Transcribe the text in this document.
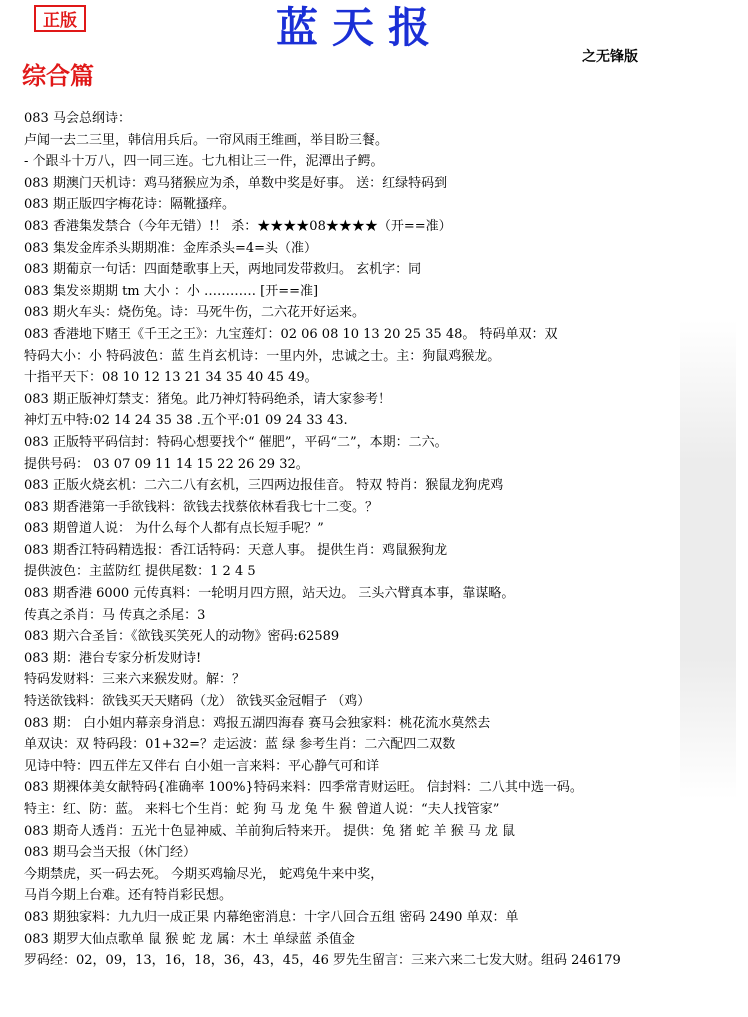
正版	蓝天报
之无锋版
综合篇
083 马会总纲诗：
卢闻一去二三里，韩信用兵后。一帘风雨王维画，举目盼三餐。
- 个跟斗十万八，四一同三连。七九相让三一件，泥潭出子鳄。
083 期澳门天机诗：鸡马猪猴应为杀，单数中奖是好事。 送：红绿特码到
083 期正版四字梅花诗：隔靴搔痒。
083 香港集发禁合（今年无错）!！ 杀：★★★★08★★★★（开==准）
083 集发金库杀头期期准：金库杀头=4=头（准）
083 期葡京一句话：四面楚歌事上天，两地同发带救归。 玄机字：同
083 集发※期期 tm 大小 ：小 ………… [开==准]
083 期火车头：烧伤兔。诗：马死牛伤，二六花开好运来。
083 香港地下赌王《千王之王》：九宝莲灯：02 06 08 10 13 20 25 35 48。 特码单双：双
特码大小：小 特码波色：蓝 生肖玄机诗：一里内外，忠诚之士。主：狗鼠鸡猴龙。
十指平天下：08 10 12 13 21 34 35 40 45 49。
083 期正版神灯禁支：猪兔。此乃神灯特码绝杀，请大家参考！
神灯五中特:02 14 24 35 38 .五个平:01 09 24 33 43.
083 正版特平码信封：特码心想要找个“ 催肥”，平码“二”，本期：二六。
提供号码： 03 07 09 11 14 15 22 26 29 32。
083 正版火烧玄机：二六二八有玄机，三四两边报佳音。 特双 特肖：猴鼠龙狗虎鸡
083 期香港第一手欲钱料：欲钱去找蔡依林看我七十二变。？
083 期曾道人说： 为什么每个人都有点长短手呢？”
083 期香江特码精选报：香江话特码：天意人事。 提供生肖：鸡鼠猴狗龙
提供波色：主蓝防红 提供尾数：1 2 4 5
083 期香港 6000 元传真料：一轮明月四方照，站天边。 三头六臂真本事，靠谋略。
传真之杀肖：马 传真之杀尾：3
083 期六合圣旨：《欲钱买笑死人的动物》密码:62589
083 期：港台专家分析发财诗!
特码发财料：三来六来猴发财。解：？
特送欲钱料：欲钱买天天赌码（龙） 欲钱买金冠帽子 （鸡）
083 期： 白小姐内幕亲身消息：鸡报五湖四海春 赛马会独家料：桃花流水莫然去
单双诀：双 特码段：01+32=？走运波：蓝 绿 参考生肖：二六配四二双数
见诗中特：四五伴左又伴右 白小姐一言来料：平心静气可和详
083 期裸体美女献特码{准确率 100%}特码来料：四季常青财运旺。 信封料：二八其中选一码。
特主：红、防：蓝。 来料七个生肖：蛇 狗 马 龙 兔 牛 猴 曾道人说：“夫人找管家”
083 期奇人透肖：五光十色显神威、羊前狗后特来开。 提供：兔 猪 蛇 羊 猴 马 龙 鼠
083 期马会当天报（休门经）
今期禁虎，买一码去死。 今期买鸡输尽光， 蛇鸡兔牛来中奖，
马肖今期上台难。还有特肖彩民想。
083 期独家料：九九归一成正果 内幕绝密消息：十字八回合五组 密码 2490 单双：单
083 期罗大仙点歌单 鼠 猴 蛇 龙 属：木土 单绿蓝 杀值金
罗码经：02，09，13，16，18，36，43，45，46 罗先生留言：三来六来二七发大财。组码 246179
